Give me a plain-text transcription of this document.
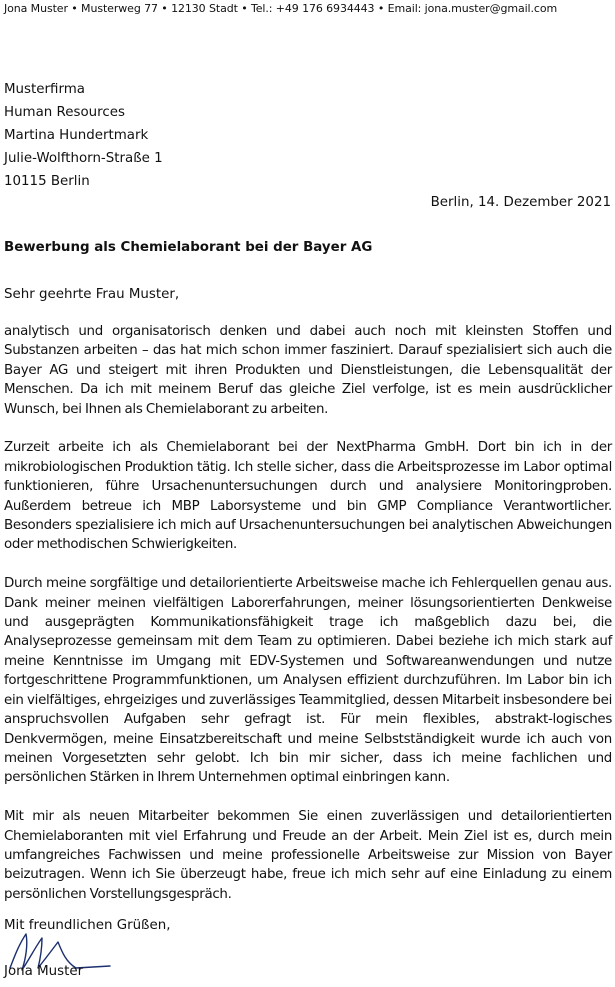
Jona Muster • Musterweg 77 • 12130 Stadt • Tel.: +49 176 6934443 • Email: jona.muster@gmail.com
Musterfirma
Human Resources
Martina Hundertmark
Julie-Wolfthorn-Straße 1
10115 Berlin
Berlin, 14. Dezember 2021
Bewerbung als Chemielaborant bei der Bayer AG
Sehr geehrte Frau Muster,

analytisch und organisatorisch denken und dabei auch noch mit kleinsten Stoffen und Substanzen arbeiten – das hat mich schon immer fasziniert. Darauf spezialisiert sich auch die Bayer AG und steigert mit ihren Produkten und Dienstleistungen, die Lebensqualität der Menschen. Da ich mit meinem Beruf das gleiche Ziel verfolge, ist es mein ausdrücklicher Wunsch, bei Ihnen als Chemielaborant zu arbeiten.

Zurzeit arbeite ich als Chemielaborant bei der NextPharma GmbH. Dort bin ich in der mikrobiologischen Produktion tätig. Ich stelle sicher, dass die Arbeitsprozesse im Labor optimal funktionieren, führe Ursachenuntersuchungen durch und analysiere Monitoringproben. Außerdem betreue ich MBP Laborsysteme und bin GMP Compliance Verantwortlicher. Besonders spezialisiere ich mich auf Ursachenuntersuchungen bei analytischen Abweichungen oder methodischen Schwierigkeiten.

Durch meine sorgfältige und detailorientierte Arbeitsweise mache ich Fehlerquellen genau aus. Dank meiner meinen vielfältigen Laborerfahrungen, meiner lösungsorientierten Denkweise und ausgeprägten Kommunikationsfähigkeit trage ich maßgeblich dazu bei, die Analyseprozesse gemeinsam mit dem Team zu optimieren. Dabei beziehe ich mich stark auf meine Kenntnisse im Umgang mit EDV-Systemen und Softwareanwendungen und nutze fortgeschrittene Programmfunktionen, um Analysen effizient durchzuführen. Im Labor bin ich ein vielfältiges, ehrgeiziges und zuverlässiges Teammitglied, dessen Mitarbeit insbesondere bei anspruchsvollen Aufgaben sehr gefragt ist. Für mein flexibles, abstrakt-logisches Denkvermögen, meine Einsatzbereitschaft und meine Selbstständigkeit wurde ich auch von meinen Vorgesetzten sehr gelobt. Ich bin mir sicher, dass ich meine fachlichen und persönlichen Stärken in Ihrem Unternehmen optimal einbringen kann.

Mit mir als neuen Mitarbeiter bekommen Sie einen zuverlässigen und detailorientierten Chemielaboranten mit viel Erfahrung und Freude an der Arbeit. Mein Ziel ist es, durch mein umfangreiches Fachwissen und meine professionelle Arbeitsweise zur Mission von Bayer beizutragen. Wenn ich Sie überzeugt habe, freue ich mich sehr auf eine Einladung zu einem persönlichen Vorstellungsgespräch.

Mit freundlichen Grüßen,
Jona Muster
